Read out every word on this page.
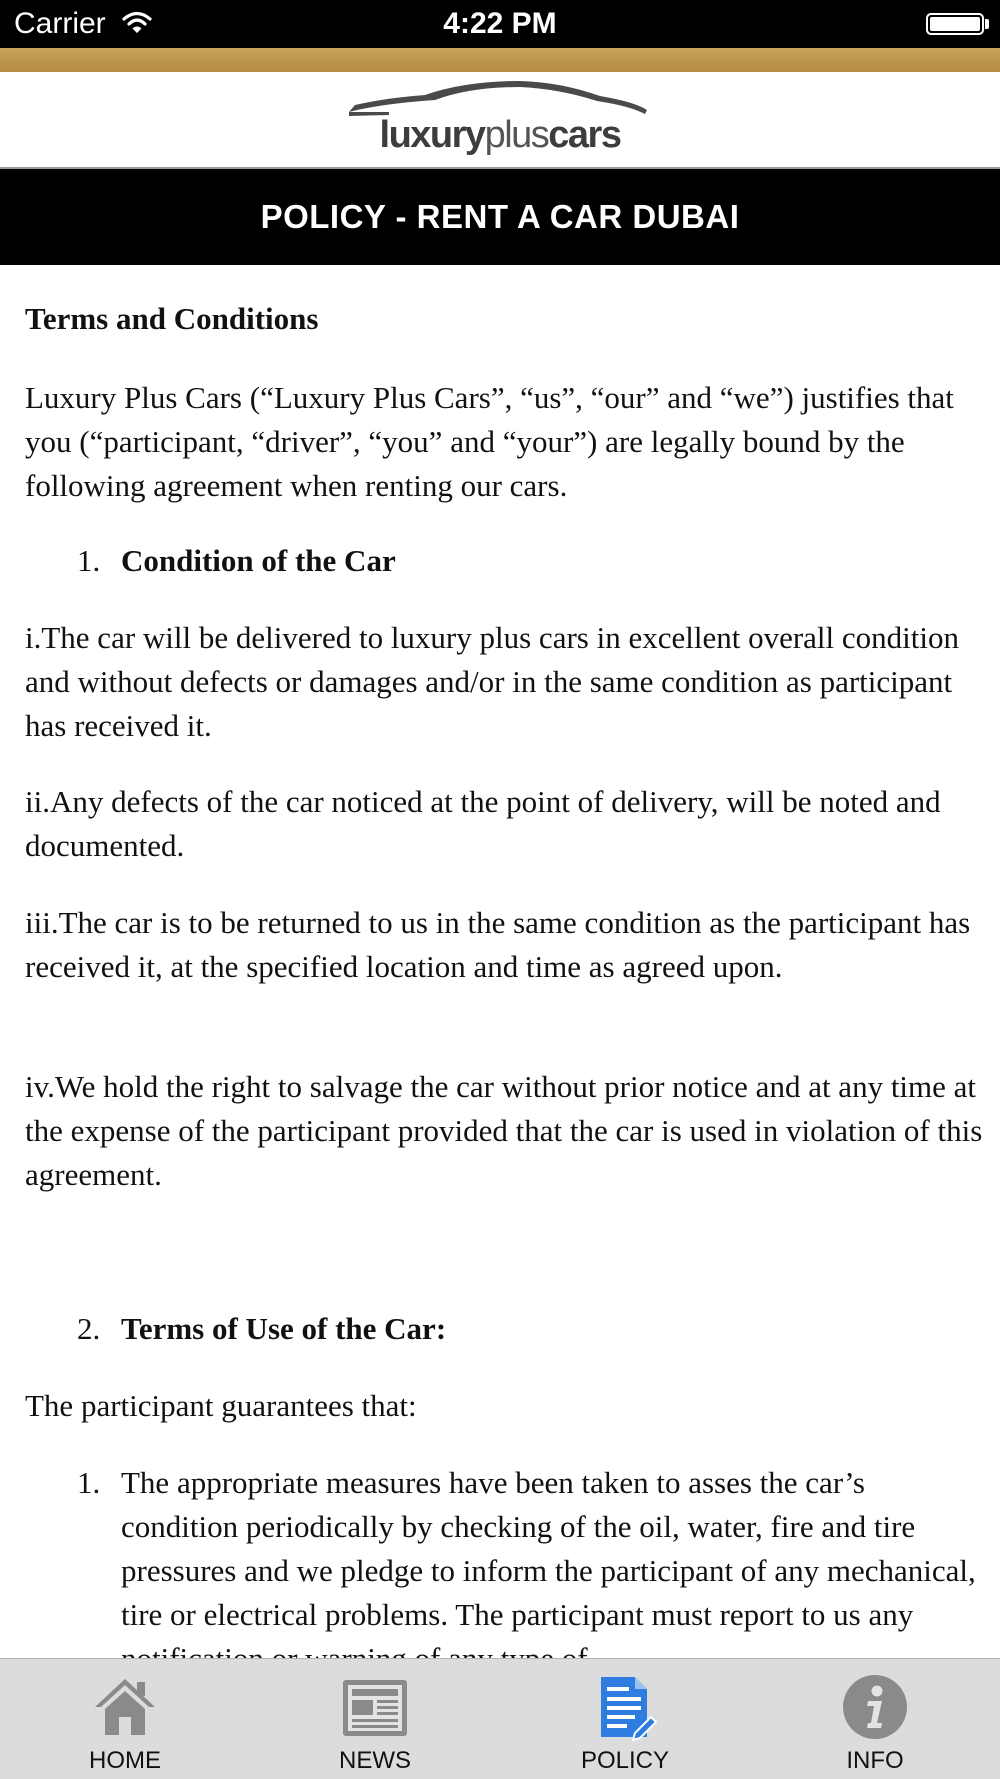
Carrier	4:22 PM
luxurypluscars
POLICY - RENT A CAR DUBAI

Terms and Conditions

Luxury Plus Cars (“Luxury Plus Cars”, “us”, “our” and “we”) justifies that you (“participant, “driver”, “you” and “your”) are legally bound by the following agreement when renting our cars.

1. Condition of the Car

i.The car will be delivered to luxury plus cars in excellent overall condition and without defects or damages and/or in the same condition as participant has received it.

ii.Any defects of the car noticed at the point of delivery, will be noted and documented.

iii.The car is to be returned to us in the same condition as the participant has received it, at the specified location and time as agreed upon.

iv.We hold the right to salvage the car without prior notice and at any time at the expense of the participant provided that the car is used in violation of this agreement.

2. Terms of Use of the Car:

The participant guarantees that:

1. The appropriate measures have been taken to asses the car’s condition periodically by checking of the oil, water, fire and tire pressures and we pledge to inform the participant of any mechanical, tire or electrical problems. The participant must report to us any
HOME	NEWS	POLICY	INFO
